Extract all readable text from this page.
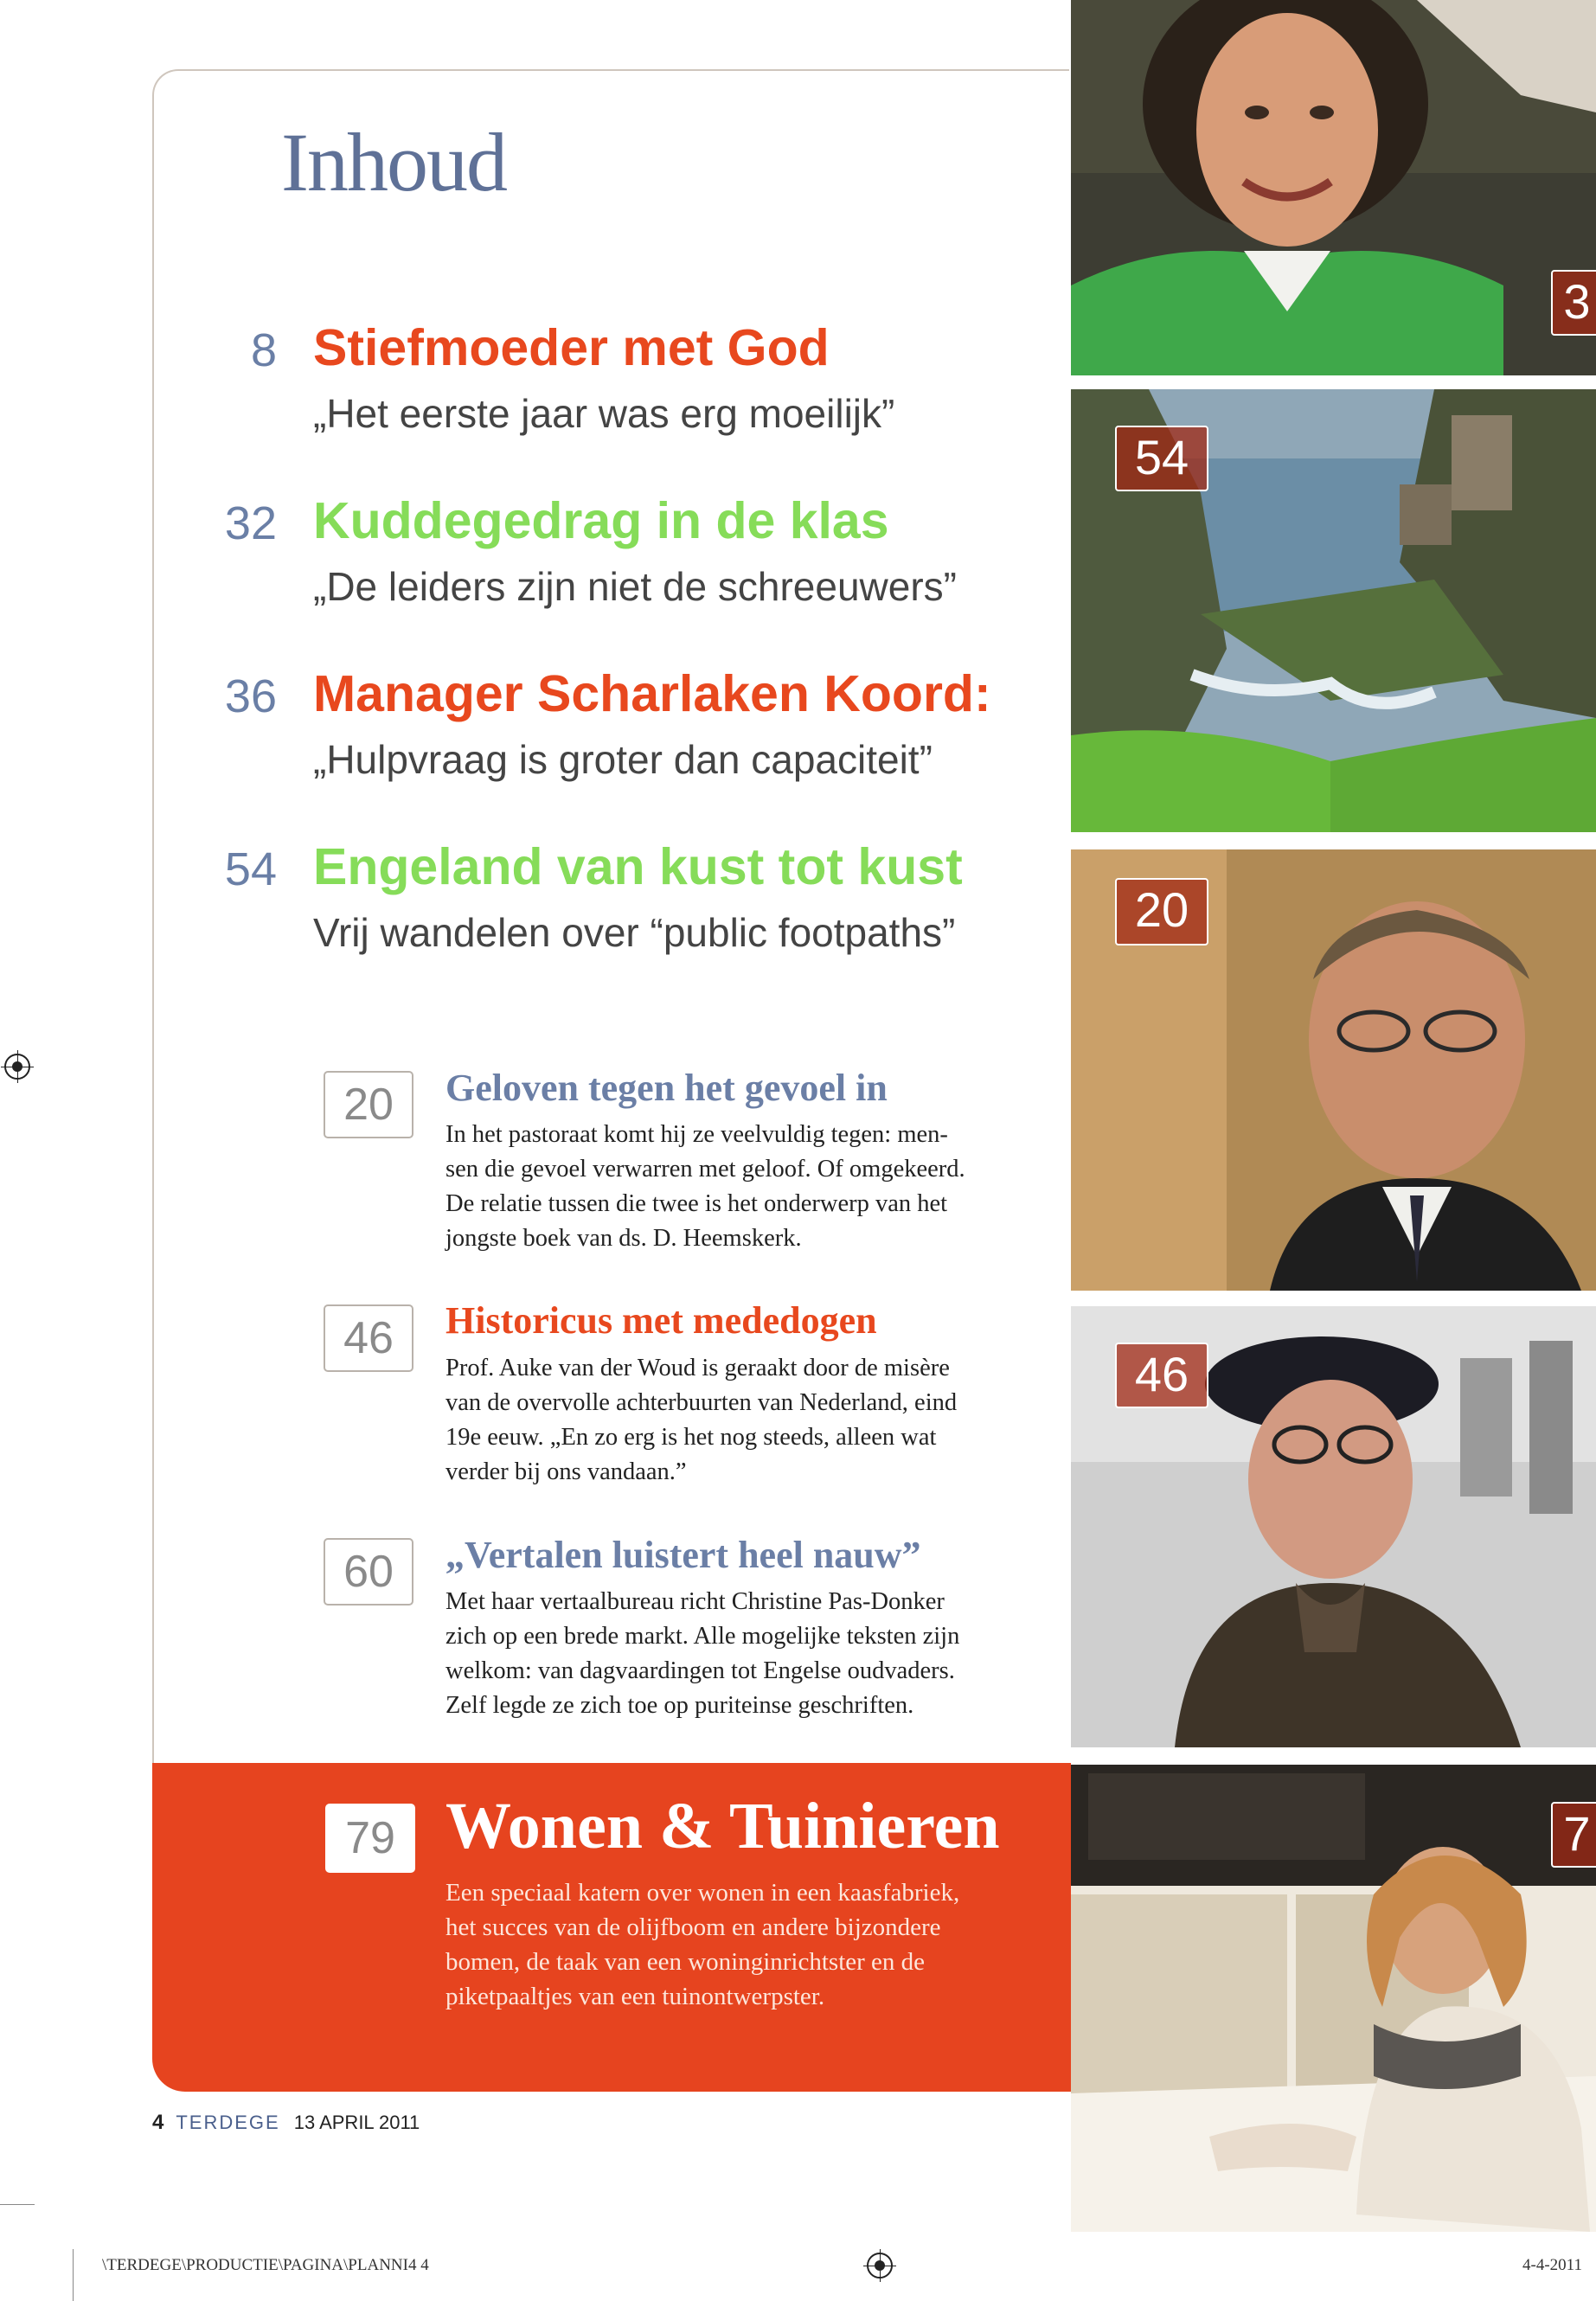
Inhoud
8 Stiefmoeder met God
„Het eerste jaar was erg moeilijk”
32 Kuddegedrag in de klas
„De leiders zijn niet de schreeuwers”
36 Manager Scharlaken Koord:
„Hulpvraag is groter dan capaciteit”
54 Engeland van kust tot kust
Vrij wandelen over “public footpaths”
20	Geloven tegen het gevoel in
In het pastoraat komt hij ze veelvuldig tegen: men-
sen die gevoel verwarren met geloof. Of omgekeerd.
De relatie tussen die twee is het onderwerp van het
jongste boek van ds. D. Heemskerk.
46	Historicus met mededogen
Prof. Auke van der Woud is geraakt door de misère
van de overvolle achterbuurten van Nederland, eind
19e eeuw. „En zo erg is het nog steeds, alleen wat
verder bij ons vandaan.”
60	„Vertalen luistert heel nauw”
Met haar vertaalbureau richt Christine Pas-Donker
zich op een brede markt. Alle mogelijke teksten zijn
welkom: van dagvaardingen tot Engelse oudvaders.
Zelf legde ze zich toe op puriteinse geschriften.
79 Wonen & Tuinieren
Een speciaal katern over wonen in een kaasfabriek,
het succes van de olijfboom en andere bijzondere
bomen, de taak van een woninginrichtster en de
piketpaaltjes van een tuinontwerpster.
4 TERDEGE 13 APRIL 2011
\TERDEGE\PRODUCTIE\PAGINA\PLANNI4 4	4-4-2011
3
54
20
46
7
